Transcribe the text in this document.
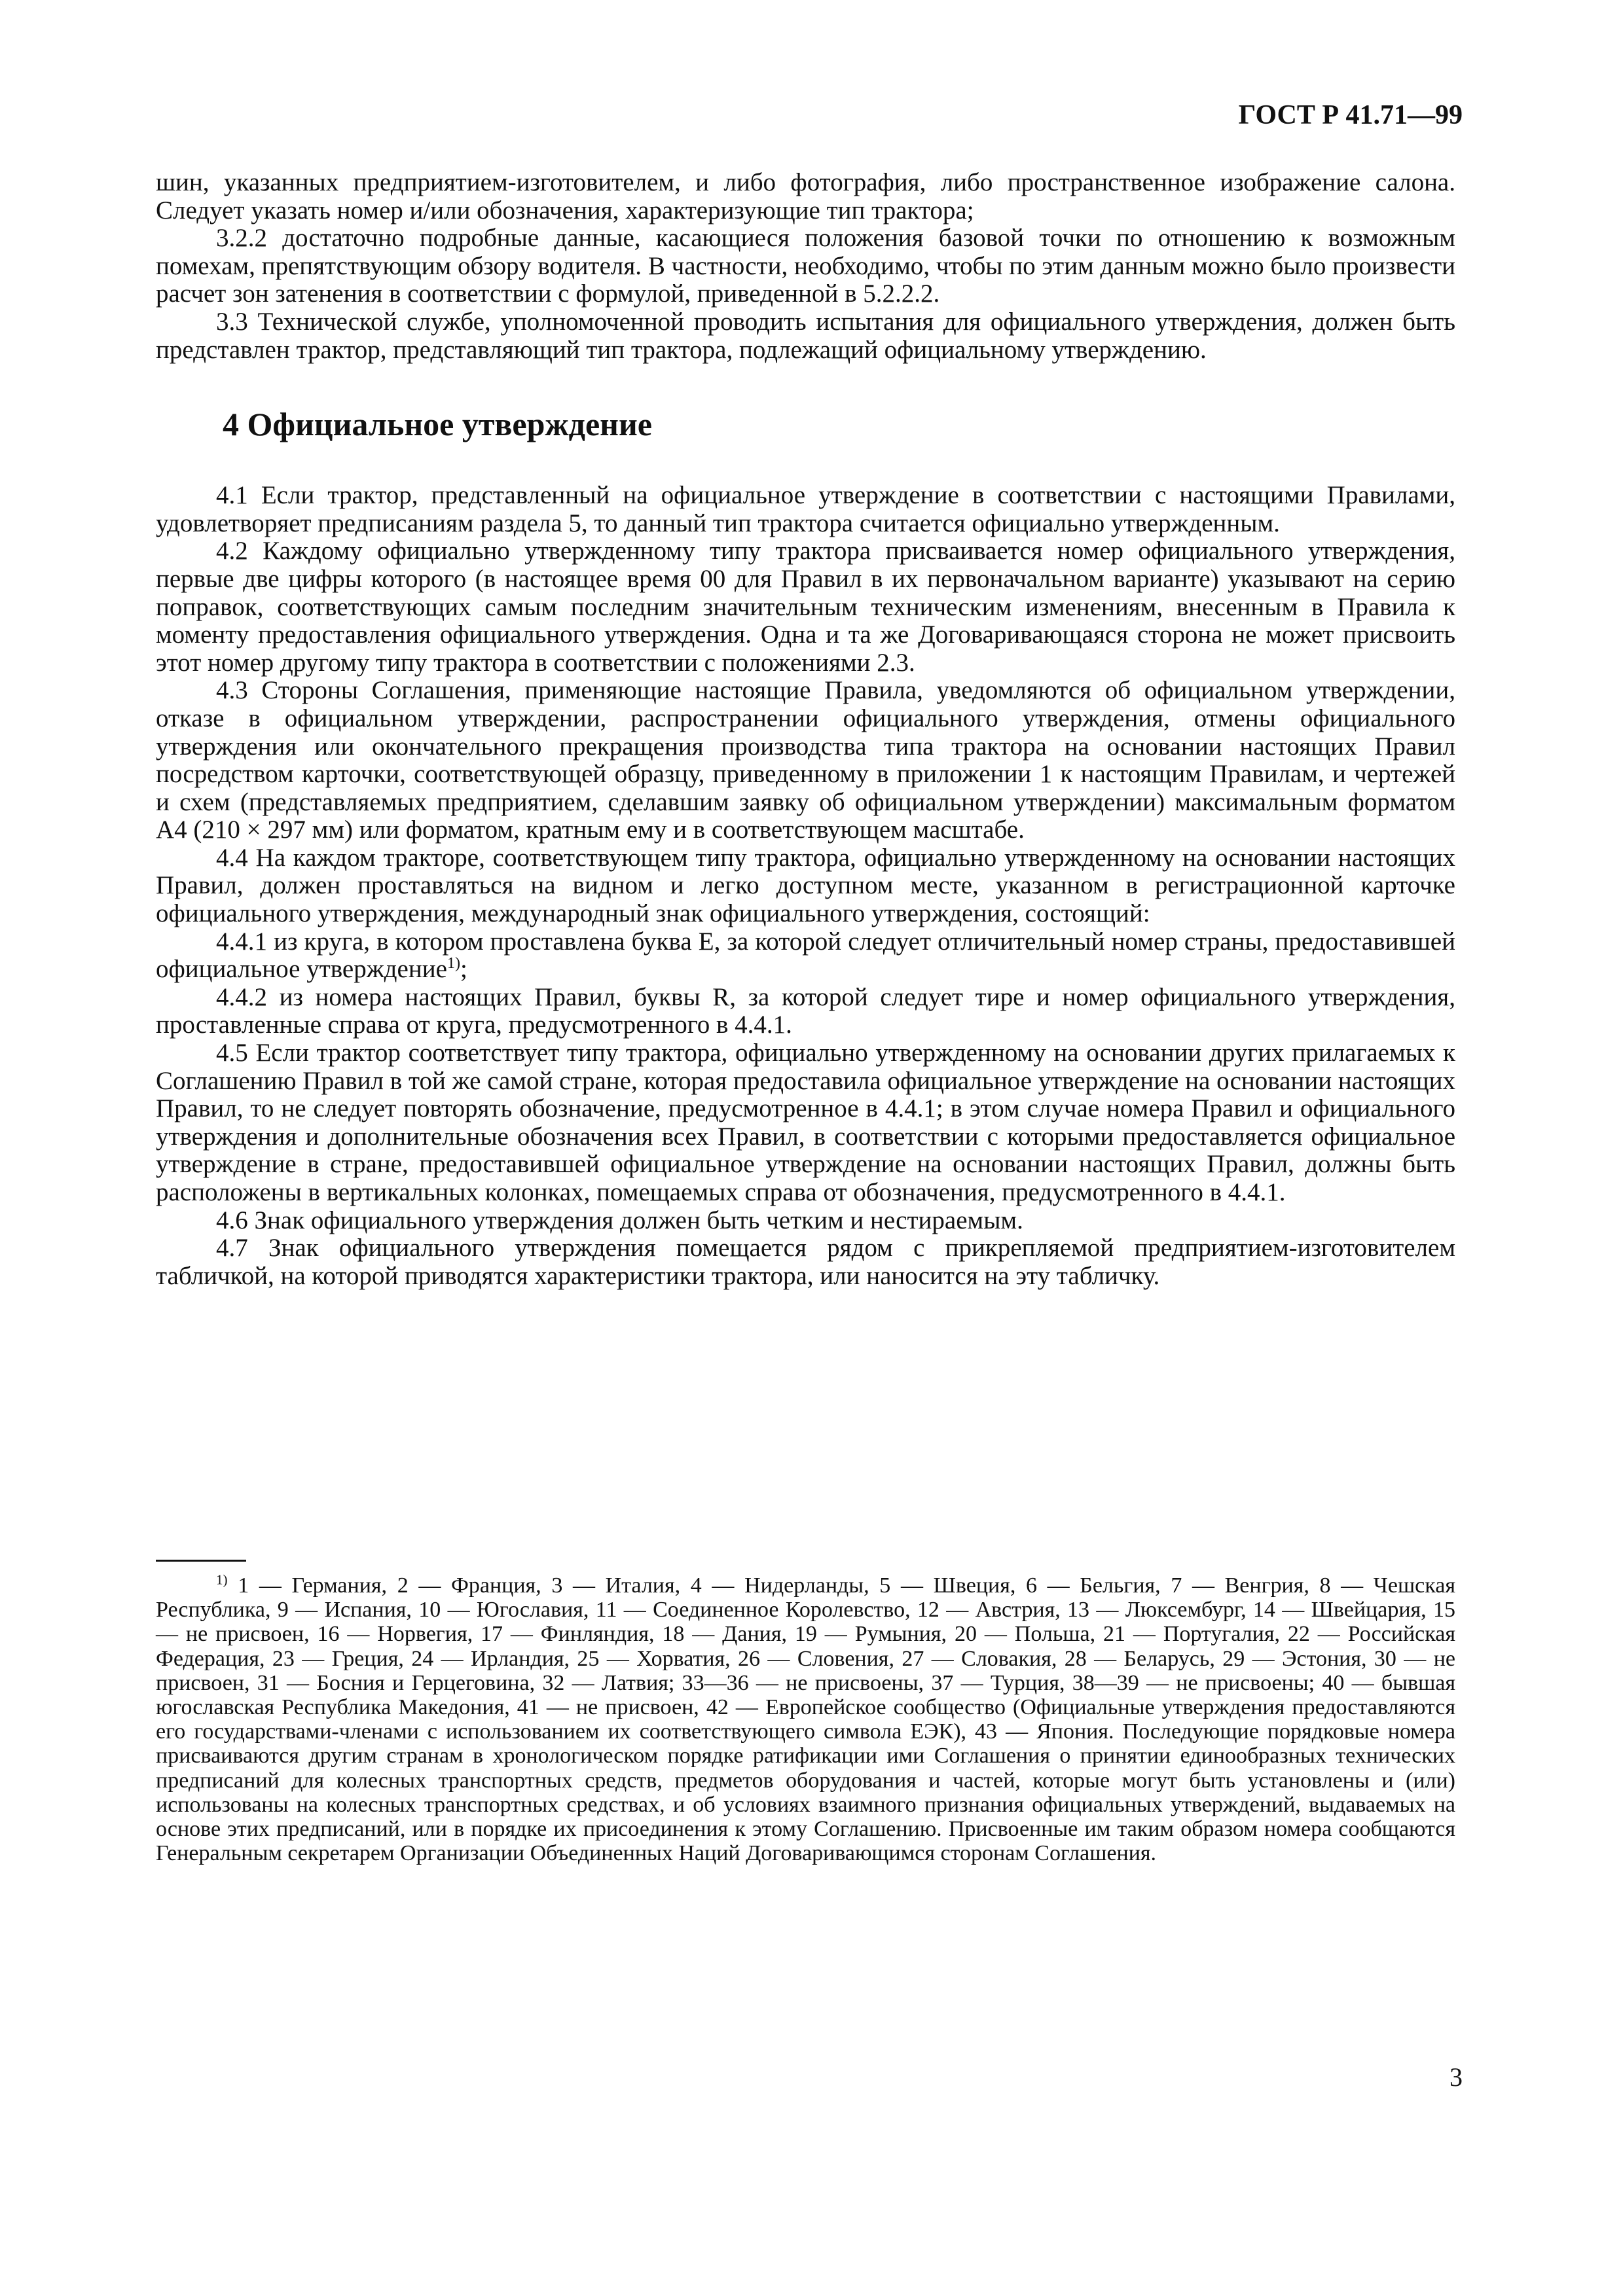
ГОСТ Р 41.71—99

шин, указанных предприятием-изготовителем, и либо фотография, либо пространственное изображение салона. Следует указать номер и/или обозначения, характеризующие тип трактора;

3.2.2 достаточно подробные данные, касающиеся положения базовой точки по отношению к возможным помехам, препятствующим обзору водителя. В частности, необходимо, чтобы по этим данным можно было произвести расчет зон затенения в соответствии с формулой, приведенной в 5.2.2.2.

3.3 Технической службе, уполномоченной проводить испытания для официального утверждения, должен быть представлен трактор, представляющий тип трактора, подлежащий официальному утверждению.

4 Официальное утверждение

4.1 Если трактор, представленный на официальное утверждение в соответствии с настоящими Правилами, удовлетворяет предписаниям раздела 5, то данный тип трактора считается официально утвержденным.

4.2 Каждому официально утвержденному типу трактора присваивается номер официального утверждения, первые две цифры которого (в настоящее время 00 для Правил в их первоначальном варианте) указывают на серию поправок, соответствующих самым последним значительным техническим изменениям, внесенным в Правила к моменту предоставления официального утверждения. Одна и та же Договаривающаяся сторона не может присвоить этот номер другому типу трактора в соответствии с положениями 2.3.

4.3 Стороны Соглашения, применяющие настоящие Правила, уведомляются об официальном утверждении, отказе в официальном утверждении, распространении официального утверждения, отмены официального утверждения или окончательного прекращения производства типа трактора на основании настоящих Правил посредством карточки, соответствующей образцу, приведенному в приложении 1 к настоящим Правилам, и чертежей и схем (представляемых предприятием, сделавшим заявку об официальном утверждении) максимальным форматом А4 (210 × 297 мм) или форматом, кратным ему и в соответствующем масштабе.

4.4 На каждом тракторе, соответствующем типу трактора, официально утвержденному на основании настоящих Правил, должен проставляться на видном и легко доступном месте, указанном в регистрационной карточке официального утверждения, международный знак официального утверждения, состоящий:

4.4.1 из круга, в котором проставлена буква Е, за которой следует отличительный номер страны, предоставившей официальное утверждение$^{1)}$;

4.4.2 из номера настоящих Правил, буквы R, за которой следует тире и номер официального утверждения, проставленные справа от круга, предусмотренного в 4.4.1.

4.5 Если трактор соответствует типу трактора, официально утвержденному на основании других прилагаемых к Соглашению Правил в той же самой стране, которая предоставила официальное утверждение на основании настоящих Правил, то не следует повторять обозначение, предусмотренное в 4.4.1; в этом случае номера Правил и официального утверждения и дополнительные обозначения всех Правил, в соответствии с которыми предоставляется официальное утверждение в стране, предоставившей официальное утверждение на основании настоящих Правил, должны быть расположены в вертикальных колонках, помещаемых справа от обозначения, предусмотренного в 4.4.1.

4.6 Знак официального утверждения должен быть четким и нестираемым.

4.7 Знак официального утверждения помещается рядом с прикрепляемой предприятием-изготовителем табличкой, на которой приводятся характеристики трактора, или наносится на эту табличку.

$^{1)}$ 1 — Германия, 2 — Франция, 3 — Италия, 4 — Нидерланды, 5 — Швеция, 6 — Бельгия, 7 — Венгрия, 8 — Чешская Республика, 9 — Испания, 10 — Югославия, 11 — Соединенное Королевство, 12 — Австрия, 13 — Люксембург, 14 — Швейцария, 15 — не присвоен, 16 — Норвегия, 17 — Финляндия, 18 — Дания, 19 — Румыния, 20 — Польша, 21 — Португалия, 22 — Российская Федерация, 23 — Греция, 24 — Ирландия, 25 — Хорватия, 26 — Словения, 27 — Словакия, 28 — Беларусь, 29 — Эстония, 30 — не присвоен, 31 — Босния и Герцеговина, 32 — Латвия; 33—36 — не присвоены, 37 — Турция, 38—39 — не присвоены; 40 — бывшая югославская Республика Македония, 41 — не присвоен, 42 — Европейское сообщество (Официальные утверждения предоставляются его государствами-членами с использованием их соответствующего символа ЕЭК), 43 — Япония. Последующие порядковые номера присваиваются другим странам в хронологическом порядке ратификации ими Соглашения о принятии единообразных технических предписаний для колесных транспортных средств, предметов оборудования и частей, которые могут быть установлены и (или) использованы на колесных транспортных средствах, и об условиях взаимного признания официальных утверждений, выдаваемых на основе этих предписаний, или в порядке их присоединения к этому Соглашению. Присвоенные им таким образом номера сообщаются Генеральным секретарем Организации Объединенных Наций Договаривающимся сторонам Соглашения.
3
